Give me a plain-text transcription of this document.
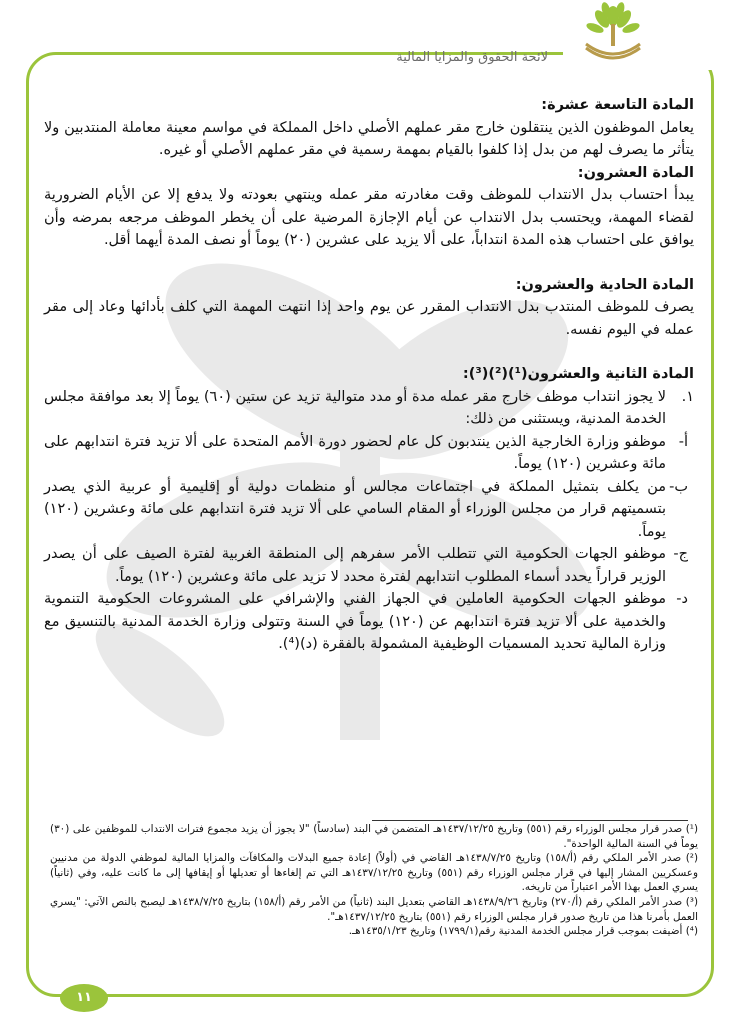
لائحة الحقوق والمزايا المالية

المادة التاسعة عشرة:

يعامل الموظفون الذين ينتقلون خارج مقر عملهم الأصلي داخل المملكة في مواسم معينة معاملة المنتدبين ولا يتأثر ما يصرف لهم من بدل إذا كلفوا بالقيام بمهمة رسمية في مقر عملهم الأصلي أو غيره.

المادة العشرون:

يبدأ احتساب بدل الانتداب للموظف وقت مغادرته مقر عمله وينتهي بعودته ولا يدفع إلا عن الأيام الضرورية لقضاء المهمة، ويحتسب بدل الانتداب عن أيام الإجازة المرضية على أن يخطر الموظف مرجعه بمرضه وأن يوافق على احتساب هذه المدة انتداباً، على ألا يزيد على عشرين (٢٠) يوماً أو نصف المدة أيهما أقل.

المادة الحادية والعشرون:

يصرف للموظف المنتدب بدل الانتداب المقرر عن يوم واحد إذا انتهت المهمة التي كلف بأدائها وعاد إلى مقر عمله في اليوم نفسه.

المادة الثانية والعشرون(¹)(²)(³):

١.
لا يجوز انتداب موظف خارج مقر عمله مدة أو مدد متوالية تزيد عن ستين (٦٠) يوماً إلا بعد موافقة مجلس الخدمة المدنية، ويستثنى من ذلك:
أ-
موظفو وزارة الخارجية الذين ينتدبون كل عام لحضور دورة الأمم المتحدة على ألا تزيد فترة انتدابهم على مائة وعشرين (١٢٠) يوماً.
ب-
من يكلف بتمثيل المملكة في اجتماعات مجالس أو منظمات دولية أو إقليمية أو عربية الذي يصدر بتسميتهم قرار من مجلس الوزراء أو المقام السامي على ألا تزيد فترة انتدابهم على مائة وعشرين (١٢٠) يوماً.
ج-
موظفو الجهات الحكومية التي تتطلب الأمر سفرهم إلى المنطقة الغربية لفترة الصيف على أن يصدر الوزير قراراً يحدد أسماء المطلوب انتدابهم لفترة محدد لا تزيد على مائة وعشرين (١٢٠) يوماً.
د-
موظفو الجهات الحكومية العاملين في الجهاز الفني والإشرافي على المشروعات الحكومية التنموية والخدمية على ألا تزيد فترة انتدابهم عن (١٢٠) يوماً في السنة وتتولى وزارة الخدمة المدنية بالتنسيق مع وزارة المالية تحديد المسميات الوظيفية المشمولة بالفقرة (د)(⁴).

(¹) صدر قرار مجلس الوزراء رقم (٥٥١) وتاريخ ١٤٣٧/١٢/٢٥هـ المتضمن في البند (سادساً) "لا يجوز أن يزيد مجموع فترات الانتداب للموظفين على (٣٠) يوماً في السنة المالية الواحدة".

(²) صدر الأمر الملكي رقم (أ/١٥٨) وتاريخ ١٤٣٨/٧/٢٥هـ القاضي في (أولاً) إعادة جميع البدلات والمكافآت والمزايا المالية لموظفي الدولة من مدنيين وعسكريين المشار إليها في قرار مجلس الوزراء رقم (٥٥١) وتاريخ ١٤٣٧/١٢/٢٥هـ التي تم إلغاءها أو تعديلها أو إيقافها إلى ما كانت عليه، وفي (ثانياً) يسري العمل بهذا الأمر اعتباراً من تاريخه.

(³) صدر الأمر الملكي رقم (أ/٢٧٠) وتاريخ ١٤٣٨/٩/٢٦هـ القاضي بتعديل البند (ثانياً) من الأمر رقم (أ/١٥٨) بتاريخ ١٤٣٨/٧/٢٥هـ ليصبح بالنص الآتي: "يسري العمل بأمرنا هذا من تاريخ صدور قرار مجلس الوزراء رقم (٥٥١) بتاريخ ١٤٣٧/١٢/٢٥هـ".

(⁴) أضيفت بموجب قرار مجلس الخدمة المدنية رقم(١٧٩٩/١) وتاريخ ١٤٣٥/١/٢٣هـ.

١١
